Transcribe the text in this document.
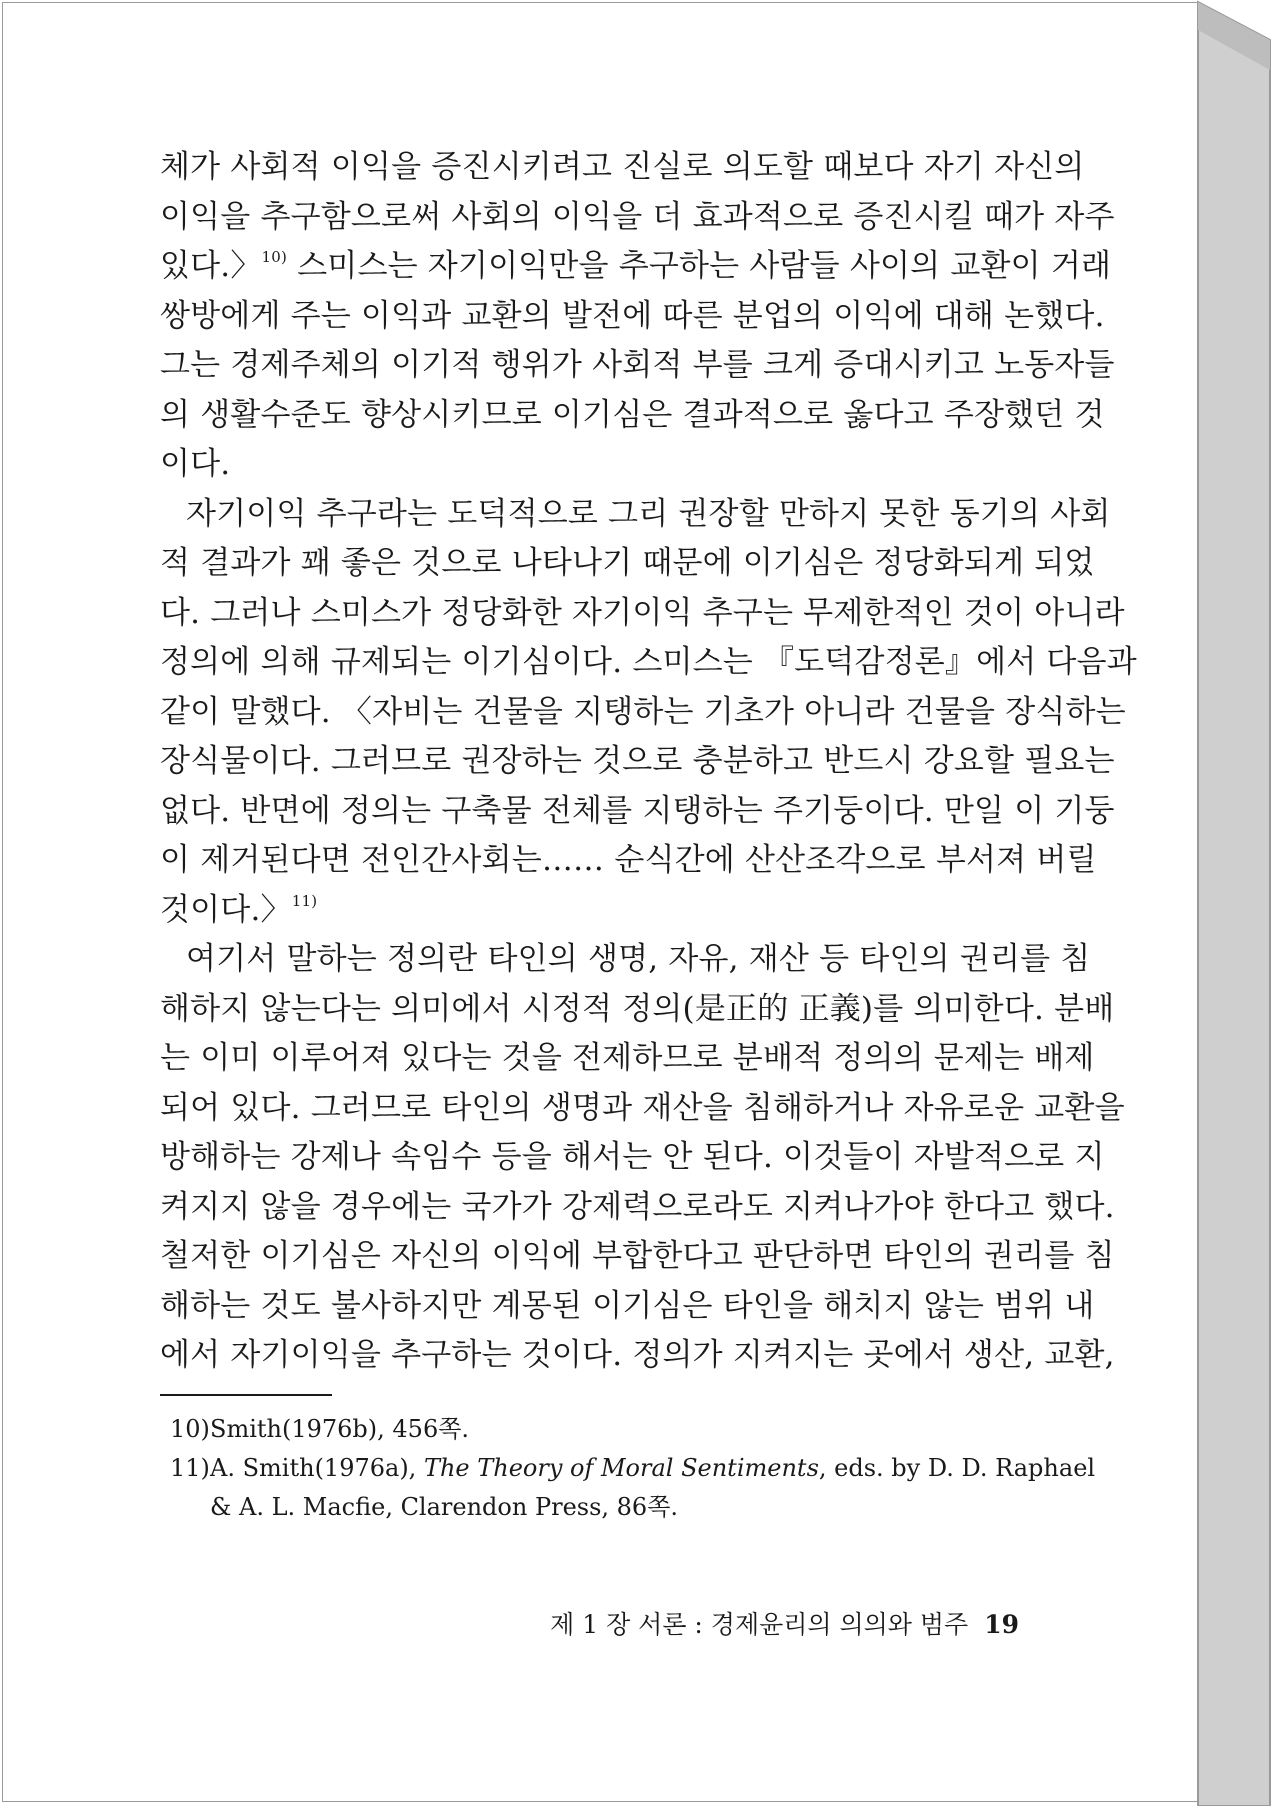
체가 사회적 이익을 증진시키려고 진실로 의도할 때보다 자기 자신의
이익을 추구함으로써 사회의 이익을 더 효과적으로 증진시킬 때가 자주
있다.〉$^{10)}$ 스미스는 자기이익만을 추구하는 사람들 사이의 교환이 거래
쌍방에게 주는 이익과 교환의 발전에 따른 분업의 이익에 대해 논했다.
그는 경제주체의 이기적 행위가 사회적 부를 크게 증대시키고 노동자들
의 생활수준도 향상시키므로 이기심은 결과적으로 옳다고 주장했던 것
이다.
자기이익 추구라는 도덕적으로 그리 권장할 만하지 못한 동기의 사회
적 결과가 꽤 좋은 것으로 나타나기 때문에 이기심은 정당화되게 되었
다. 그러나 스미스가 정당화한 자기이익 추구는 무제한적인 것이 아니라
정의에 의해 규제되는 이기심이다. 스미스는 『도덕감정론』에서 다음과
같이 말했다. 〈자비는 건물을 지탱하는 기초가 아니라 건물을 장식하는
장식물이다. 그러므로 권장하는 것으로 충분하고 반드시 강요할 필요는
없다. 반면에 정의는 구축물 전체를 지탱하는 주기둥이다. 만일 이 기둥
이 제거된다면 전인간사회는…… 순식간에 산산조각으로 부서져 버릴
것이다.〉$^{11)}$
여기서 말하는 정의란 타인의 생명, 자유, 재산 등 타인의 권리를 침
해하지 않는다는 의미에서 시정적 정의(是正的 正義)를 의미한다. 분배
는 이미 이루어져 있다는 것을 전제하므로 분배적 정의의 문제는 배제
되어 있다. 그러므로 타인의 생명과 재산을 침해하거나 자유로운 교환을
방해하는 강제나 속임수 등을 해서는 안 된다. 이것들이 자발적으로 지
켜지지 않을 경우에는 국가가 강제력으로라도 지켜나가야 한다고 했다.
철저한 이기심은 자신의 이익에 부합한다고 판단하면 타인의 권리를 침
해하는 것도 불사하지만 계몽된 이기심은 타인을 해치지 않는 범위 내
에서 자기이익을 추구하는 것이다. 정의가 지켜지는 곳에서 생산, 교환,
10)Smith(1976b), 456쪽.
11)A. Smith(1976a), The Theory of Moral Sentiments, eds. by D. D. Raphael
& A. L. Macfie, Clarendon Press, 86쪽.
제 1 장 서론 : 경제윤리의 의의와 범주 19
